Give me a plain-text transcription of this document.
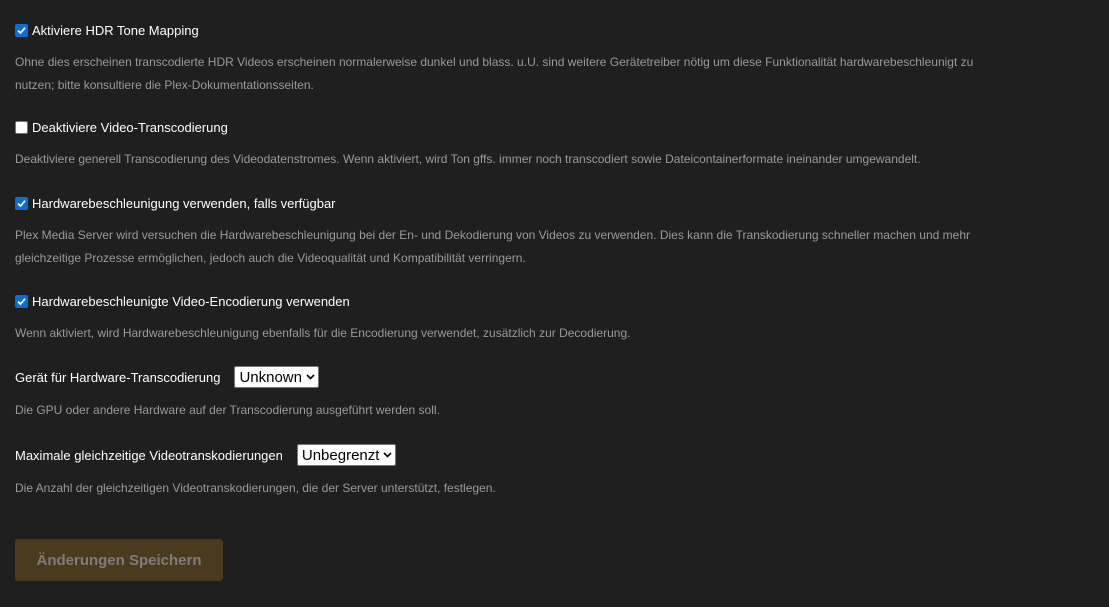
Aktiviere HDR Tone Mapping
Ohne dies erscheinen transcodierte HDR Videos erscheinen normalerweise dunkel und blass. u.U. sind weitere Gerätetreiber nötig um diese Funktionalität hardwarebeschleunigt zu nutzen; bitte konsultiere die Plex-Dokumentationsseiten.
Deaktiviere Video-Transcodierung
Deaktiviere generell Transcodierung des Videodatenstromes. Wenn aktiviert, wird Ton gffs. immer noch transcodiert sowie Dateicontainerformate ineinander umgewandelt.
Hardwarebeschleunigung verwenden, falls verfügbar
Plex Media Server wird versuchen die Hardwarebeschleunigung bei der En- und Dekodierung von Videos zu verwenden. Dies kann die Transkodierung schneller machen und mehr gleichzeitige Prozesse ermöglichen, jedoch auch die Videoqualität und Kompatibilität verringern.
Hardwarebeschleunigte Video-Encodierung verwenden
Wenn aktiviert, wird Hardwarebeschleunigung ebenfalls für die Encodierung verwendet, zusätzlich zur Decodierung.
Gerät für Hardware-Transcodierung Unknown
Die GPU oder andere Hardware auf der Transcodierung ausgeführt werden soll.
Maximale gleichzeitige Videotranskodierungen Unbegrenzt
Die Anzahl der gleichzeitigen Videotranskodierungen, die der Server unterstützt, festlegen.
Änderungen Speichern
